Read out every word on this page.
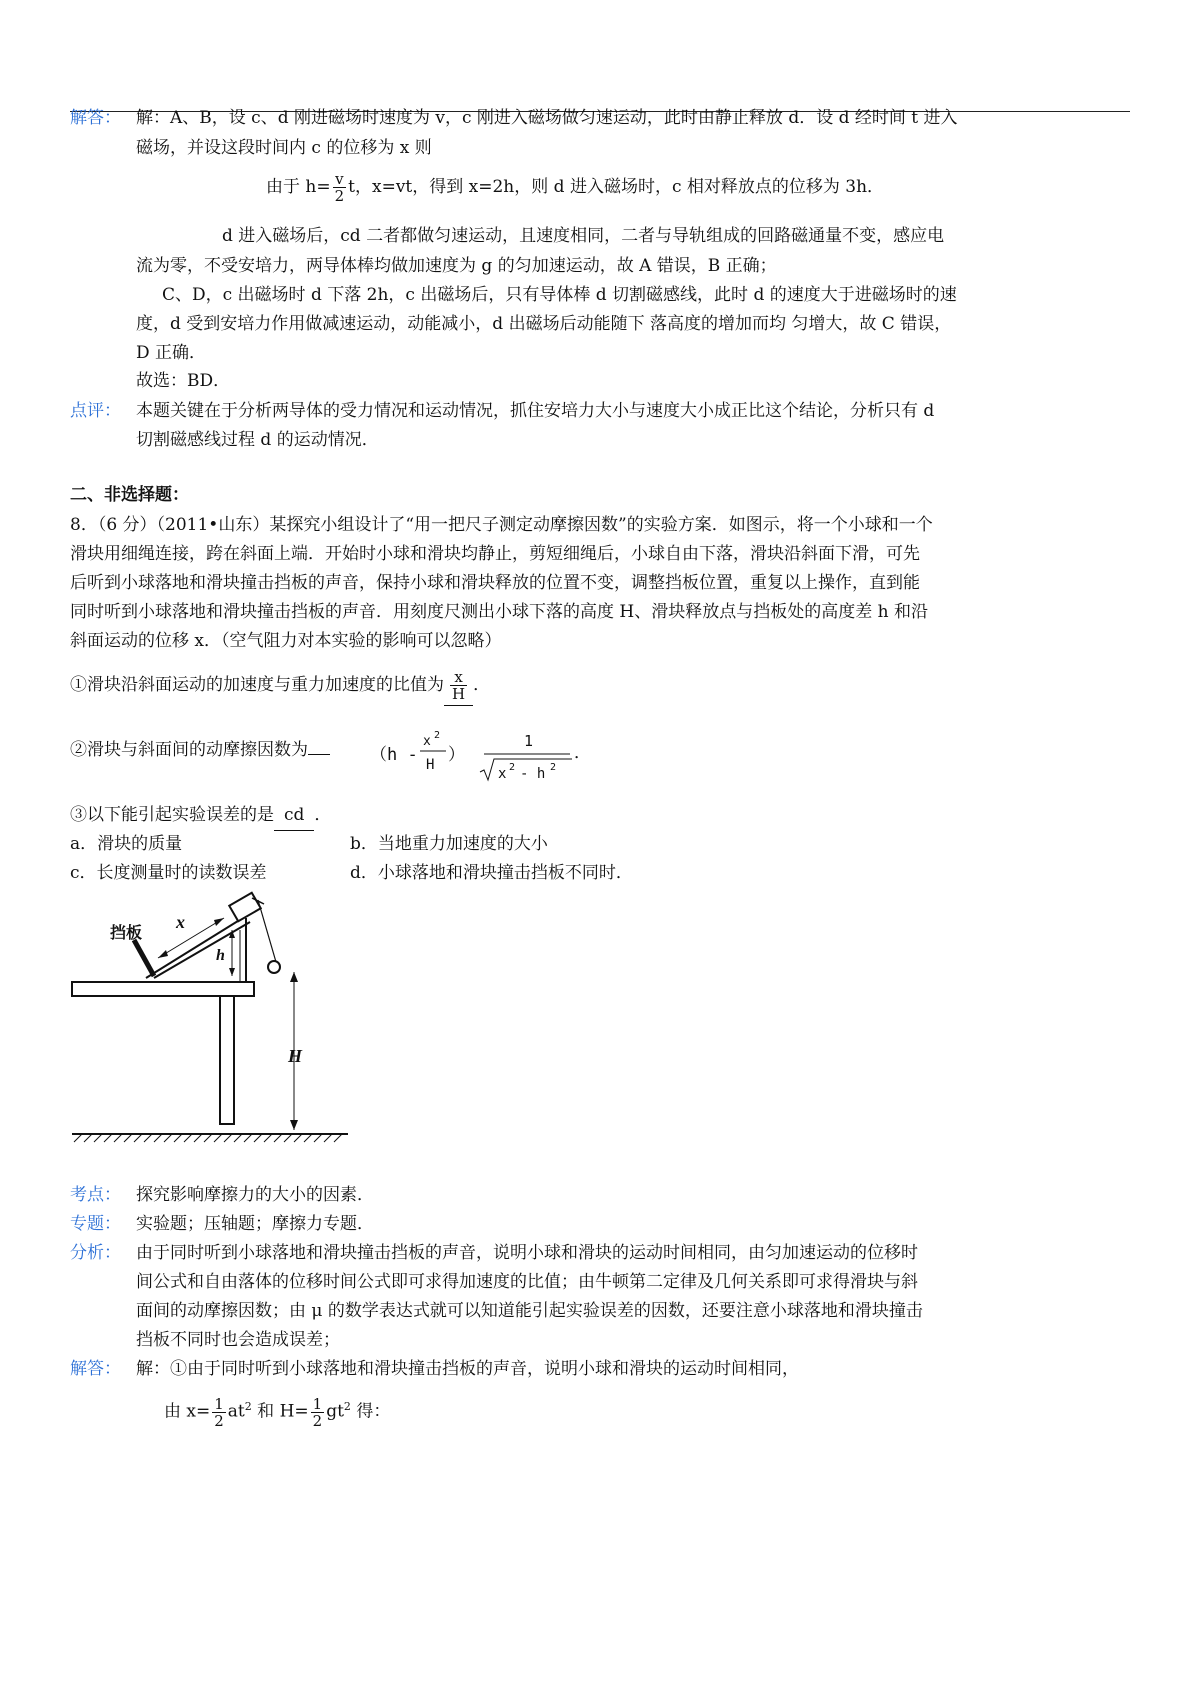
解答： 解：A、B，设 c、d 刚进磁场时速度为 v，c 刚进入磁场做匀速运动，此时由静止释放 d．设 d 经时间 t 进入
磁场，并设这段时间内 c 的位移为 x 则
由于 $h= \frac{v}{2}$ t，x=vt，得到 x=2h，则 d 进入磁场时，c 相对释放点的位移为 3h．
d 进入磁场后，cd 二者都做匀速运动，且速度相同，二者与导轨组成的回路磁通量不变，感应电
流为零，不受安培力，两导体棒均做加速度为 g 的匀加速运动，故 A 错误，B 正确；
C、D，c 出磁场时 d 下落 2h，c 出磁场后，只有导体棒 d 切割磁感线，此时 d 的速度大于进磁场时的速
度，d 受到安培力作用做减速运动，动能减小，d 出磁场后动能随下 落高度的增加而均 匀增大，故 C 错误，
D 正确．
故选：BD．
点评： 本题关键在于分析两导体的受力情况和运动情况，抓住安培力大小与速度大小成正比这个结论，分析只有 d
切割磁感线过程 d 的运动情况．
二、非选择题：
8．（6 分）（2011•山东）某探究小组设计了“用一把尺子测定动摩擦因数”的实验方案．如图示，将一个小球和一个
滑块用细绳连接，跨在斜面上端．开始时小球和滑块均静止，剪短细绳后，小球自由下落，滑块沿斜面下滑，可先
后听到小球落地和滑块撞击挡板的声音，保持小球和滑块释放的位置不变，调整挡板位置，重复以上操作，直到能
同时听到小球落地和滑块撞击挡板的声音．用刻度尺测出小球下落的高度 H、滑块释放点与挡板处的高度差 h 和沿
斜面运动的位移 x．（空气阻力对本实验的影响可以忽略）
①滑块沿斜面运动的加速度与重力加速度的比值为 $\frac{x}{H}$ ．
②滑块与斜面间的动摩擦因数为	（h -
x 2
H ）
1
x 2 - h 2
．
③以下能引起实验误差的是 cd ．
a．滑块的质量	b．当地重力加速度的大小
c．长度测量时的读数误差	d．小球落地和滑块撞击挡板不同时．
挡板
x
h
H
考点： 探究影响摩擦力的大小的因素．
专题： 实验题；压轴题；摩擦力专题．
分析： 由于同时听到小球落地和滑块撞击挡板的声音，说明小球和滑块的运动时间相同，由匀加速运动的位移时
间公式和自由落体的位移时间公式即可求得加速度的比值；由牛顿第二定律及几何关系即可求得滑块与斜
面间的动摩擦因数；由 μ 的数学表达式就可以知道能引起实验误差的因数，还要注意小球落地和滑块撞击
挡板不同时也会造成误差；
解答： 解：①由于同时听到小球落地和滑块撞击挡板的声音，说明小球和滑块的运动时间相同，
由 $x= \frac{1}{2} at^2$ 和 $H= \frac{1}{2} gt^2$ 得：
